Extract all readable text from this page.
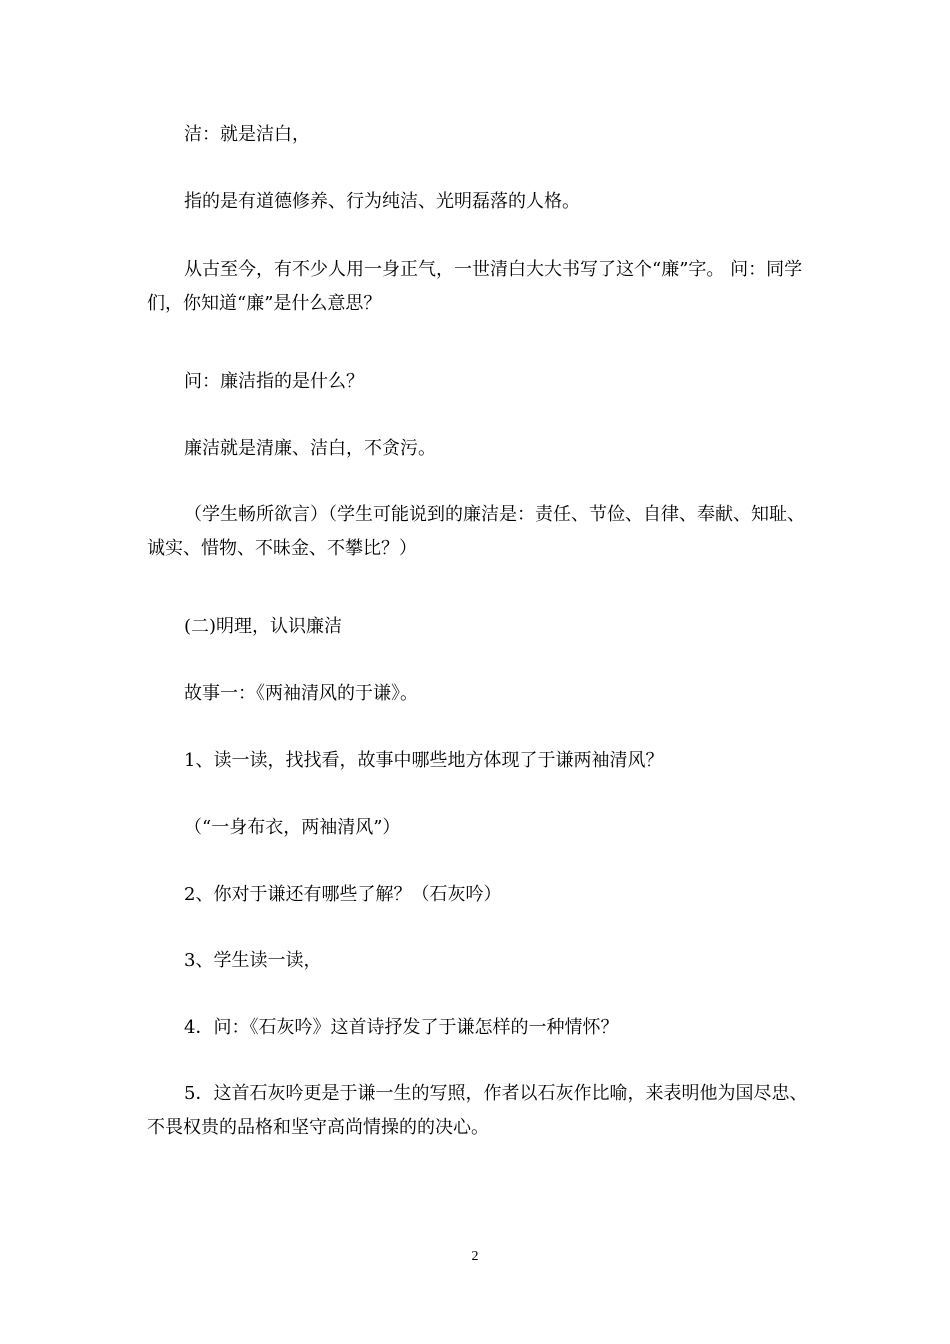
洁：就是洁白，

指的是有道德修养、行为纯洁、光明磊落的人格。

从古至今，有不少人用一身正气，一世清白大大书写了这个“廉”字。 问：同学们，你知道“廉”是什么意思？

问：廉洁指的是什么？

廉洁就是清廉、洁白，不贪污。

（学生畅所欲言）（学生可能说到的廉洁是：责任、节俭、自律、奉献、知耻、诚实、惜物、不昧金、不攀比？）

(二)明理，认识廉洁

故事一：《两袖清风的于谦》。

1、读一读，找找看，故事中哪些地方体现了于谦两袖清风？

（“一身布衣，两袖清风”）

2、你对于谦还有哪些了解？（石灰吟）

3、学生读一读，

4．问：《石灰吟》这首诗抒发了于谦怎样的一种情怀？

5．这首石灰吟更是于谦一生的写照，作者以石灰作比喻，来表明他为国尽忠、不畏权贵的品格和坚守高尚情操的的决心。

2
